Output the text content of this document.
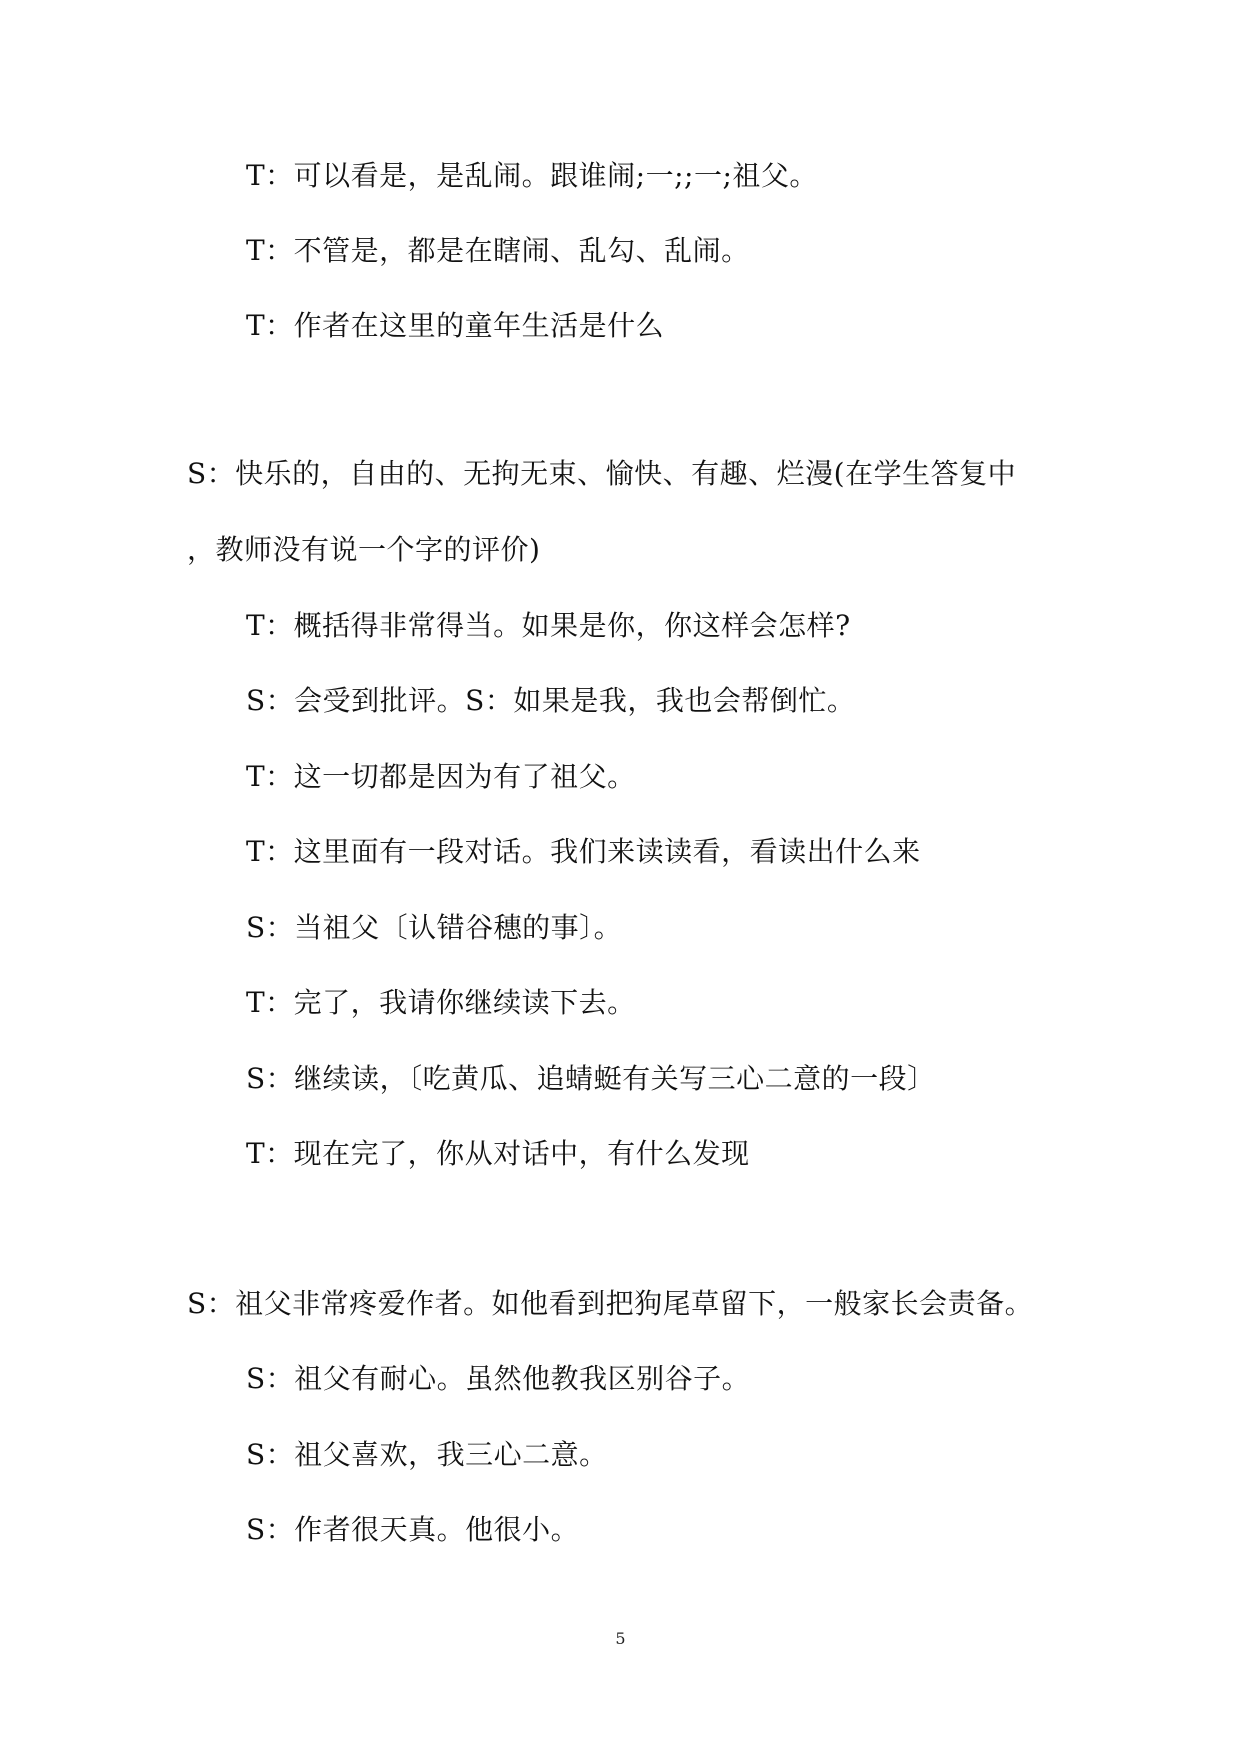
T：可以看是，是乱闹。跟谁闹;一;;一;祖父。
T：不管是，都是在瞎闹、乱勾、乱闹。
T：作者在这里的童年生活是什么
S：快乐的，自由的、无拘无束、愉快、有趣、烂漫(在学生答复中
，教师没有说一个字的评价)
T：概括得非常得当。如果是你，你这样会怎样?
S：会受到批评。S：如果是我，我也会帮倒忙。
T：这一切都是因为有了祖父。
T：这里面有一段对话。我们来读读看，看读出什么来
S：当祖父〔认错谷穗的事〕。
T：完了，我请你继续读下去。
S：继续读，〔吃黄瓜、追蜻蜓有关写三心二意的一段〕
T：现在完了，你从对话中，有什么发现
S：祖父非常疼爱作者。如他看到把狗尾草留下，一般家长会责备。
S：祖父有耐心。虽然他教我区别谷子。
S：祖父喜欢，我三心二意。
S：作者很天真。他很小。
5
